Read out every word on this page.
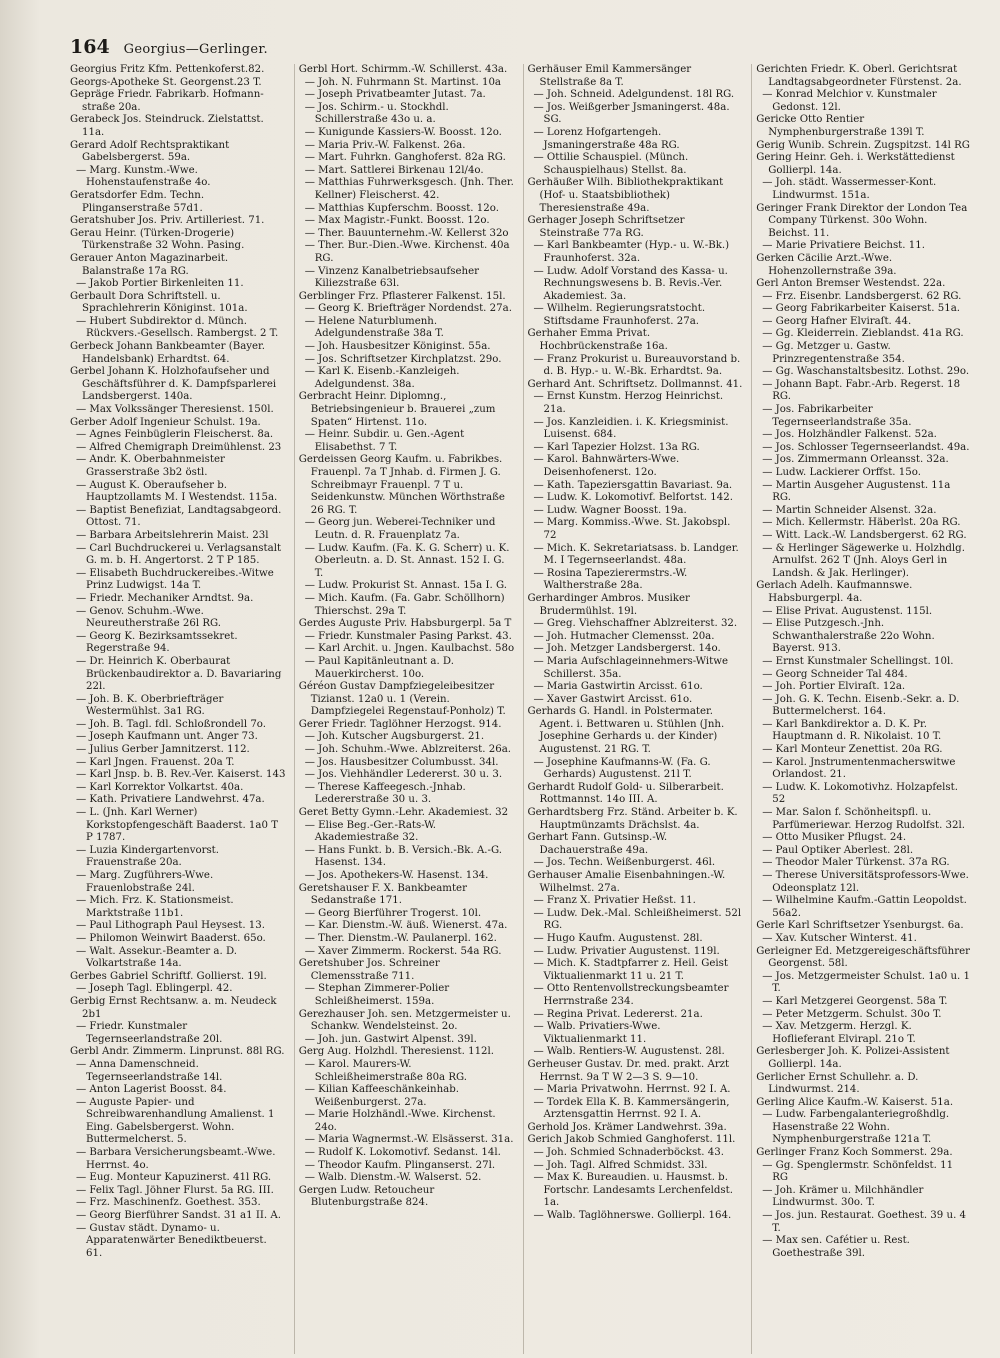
164 Georgius—Gerlinger.

Georgius Fritz Kfm. Pettenkoferst.82.

Georgs-Apotheke St. Georgenst.23 T.

Gepräge Friedr. Fabrikarb. Hofmann-straße 20a.

Gerabeck Jos. Steindruck. Zielstattst. 11a.

Gerard Adolf Rechtspraktikant Gabelsbergerst. 59a.

— Marg. Kunstm.-Wwe. Hohenstaufenstraße 4o.

Geratsdorfer Edm. Techn. Plinganserstraße 57d1.

Geratshuber Jos. Priv. Artilleriest. 71.

Gerau Heinr. (Türken-Drogerie) Türkenstraße 32 Wohn. Pasing.

Gerauer Anton Magazinarbeit. Balanstraße 17a RG.

— Jakob Portier Birkenleiten 11.

Gerbault Dora Schriftstell. u. Sprachlehrerin Königinst. 101a.

— Hubert Subdirektor d. Münch. Rückvers.-Gesellsch. Rambergst. 2 T.

Gerbeck Johann Bankbeamter (Bayer. Handelsbank) Erhardtst. 64.

Gerbel Johann K. Holzhofaufseher und Geschäftsführer d. K. Dampfsparlerei Landsbergerst. 140a.

— Max Volkssänger Theresienst. 150l.

Gerber Adolf Ingenieur Schulst. 19a.

— Agnes Feinbüglerin Fleischerst. 8a.

— Alfred Chemigraph Dreimühlenst. 23

— Andr. K. Oberbahnmeister Grasserstraße 3b2 östl.

— August K. Oberaufseher b. Hauptzollamts M. I Westendst. 115a.

— Baptist Benefiziat, Landtagsabgeord. Ottost. 71.

— Barbara Arbeitslehrerin Maist. 23l

— Carl Buchdruckerei u. Verlagsanstalt G. m. b. H. Angertorst. 2 T P 185.

— Elisabeth Buchdruckereibes.-Witwe Prinz Ludwigst. 14a T.

— Friedr. Mechaniker Arndtst. 9a.

— Genov. Schuhm.-Wwe. Neureutherstraße 26l RG.

— Georg K. Bezirksamtssekret. Regerstraße 94.

— Dr. Heinrich K. Oberbaurat Brückenbaudirektor a. D. Bavariaring 22l.

— Joh. B. K. Oberbriefträger Westermühlst. 3a1 RG.

— Joh. B. Tagl. fdl. Schloßrondell 7o.

— Joseph Kaufmann unt. Anger 73.

— Julius Gerber Jamnitzerst. 112.

— Karl Jngen. Frauenst. 20a T.

— Karl Jnsp. b. B. Rev.-Ver. Kaiserst. 143

— Karl Korrektor Volkartst. 40a.

— Kath. Privatiere Landwehrst. 47a.

— L. (Jnh. Karl Werner) Korkstopfengeschäft Baaderst. 1a0 T P 1787.

— Luzia Kindergartenvorst. Frauenstraße 20a.

— Marg. Zugführers-Wwe. Frauenlobstraße 24l.

— Mich. Frz. K. Stationsmeist. Marktstraße 11b1.

— Paul Lithograph Paul Heysest. 13.

— Philomon Weinwirt Baaderst. 65o.

— Walt. Assekur.-Beamter a. D. Volkartstraße 14a.

Gerbes Gabriel Schriftf. Gollierst. 19l.

— Joseph Tagl. Eblingerpl. 42.

Gerbig Ernst Rechtsanw. a. m. Neudeck 2b1

— Friedr. Kunstmaler Tegernseerlandstraße 20l.

Gerbl Andr. Zimmerm. Linprunst. 88l RG.

— Anna Damenschneid. Tegernseerlandstraße 14l.

— Anton Lagerist Boosst. 84.

— Auguste Papier- und Schreibwarenhandlung Amalienst. 1 Eing. Gabelsbergerst. Wohn. Buttermelcherst. 5.

— Barbara Versicherungsbeamt.-Wwe. Herrnst. 4o.

— Eug. Monteur Kapuzinerst. 41l RG.

— Felix Tagl. Jöhner Flurst. 5a RG. III.

— Frz. Maschinenfz. Goethest. 353.

— Georg Bierführer Sandst. 31 a1 II. A.

— Gustav städt. Dynamo- u. Apparatenwärter Benediktbeuerst. 61.

Gerbl Hort. Schirmm.-W. Schillerst. 43a.

— Joh. N. Fuhrmann St. Martinst. 10a

— Joseph Privatbeamter Jutast. 7a.

— Jos. Schirm.- u. Stockhdl. Schillerstraße 43o u. a.

— Kunigunde Kassiers-W. Boosst. 12o.

— Maria Priv.-W. Falkenst. 26a.

— Mart. Fuhrkn. Ganghoferst. 82a RG.

— Mart. Sattlerei Birkenau 12l/4o.

— Matthias Fuhrwerksgesch. (Jnh. Ther. Kellner) Fleischerst. 42.

— Matthias Kupferschm. Boosst. 12o.

— Max Magistr.-Funkt. Boosst. 12o.

— Ther. Bauunternehm.-W. Kellerst 32o

— Ther. Bur.-Dien.-Wwe. Kirchenst. 40a RG.

— Vinzenz Kanalbetriebsaufseher Kiliezstraße 63l.

Gerblinger Frz. Pflasterer Falkenst. 15l.

— Georg K. Briefträger Nordendst. 27a.

— Helene Naturblumenh. Adelgundenstraße 38a T.

— Joh. Hausbesitzer Königinst. 55a.

— Jos. Schriftsetzer Kirchplatzst. 29o.

— Karl K. Eisenb.-Kanzleigeh. Adelgundenst. 38a.

Gerbracht Heinr. Diplomng., Betriebsingenieur b. Brauerei „zum Spaten“ Hirtenst. 11o.

— Heinr. Subdir. u. Gen.-Agent Elisabethst. 7 T.

Gerdeissen Georg Kaufm. u. Fabrikbes. Frauenpl. 7a T Jnhab. d. Firmen J. G. Schreibmayr Frauenpl. 7 T u. Seidenkunstw. München Wörthstraße 26 RG. T.

— Georg jun. Weberei-Techniker und Leutn. d. R. Frauenplatz 7a.

— Ludw. Kaufm. (Fa. K. G. Scherr) u. K. Oberleutn. a. D. St. Annast. 152 I. G. T.

— Ludw. Prokurist St. Annast. 15a I. G.

— Mich. Kaufm. (Fa. Gabr. Schöllhorn) Thierschst. 29a T.

Gerdes Auguste Priv. Habsburgerpl. 5a T

— Friedr. Kunstmaler Pasing Parkst. 43.

— Karl Archit. u. Jngen. Kaulbachst. 58o

— Paul Kapitänleutnant a. D. Mauerkircherst. 10o.

Géréon Gustav Dampfziegeleibesitzer Tizianst. 12a0 u. 1 (Verein. Dampfziegelei Regenstauf-Ponholz) T.

Gerer Friedr. Taglöhner Herzogst. 914.

— Joh. Kutscher Augsburgerst. 21.

— Joh. Schuhm.-Wwe. Ablzreiterst. 26a.

— Jos. Hausbesitzer Columbusst. 34l.

— Jos. Viehhändler Ledererst. 30 u. 3.

— Therese Kaffeegesch.-Jnhab. Ledererstraße 30 u. 3.

Geret Betty Gymn.-Lehr. Akademiest. 32

— Elise Beg.-Ger.-Rats-W. Akademiestraße 32.

— Hans Funkt. b. B. Versich.-Bk. A.-G. Hasenst. 134.

— Jos. Apothekers-W. Hasenst. 134.

Geretshauser F. X. Bankbeamter Sedanstraße 171.

— Georg Bierführer Trogerst. 10l.

— Kar. Dienstm.-W. äuß. Wienerst. 47a.

— Ther. Dienstm.-W. Paulanerpl. 162.

— Xaver Zimmerm. Rockerst. 54a RG.

Geretshuber Jos. Schreiner Clemensstraße 711.

— Stephan Zimmerer-Polier Schleißheimerst. 159a.

Gerezhauser Joh. sen. Metzgermeister u. Schankw. Wendelsteinst. 2o.

— Joh. jun. Gastwirt Alpenst. 39l.

Gerg Aug. Holzhdl. Theresienst. 112l.

— Karol. Maurers-W. Schleißheimerstraße 80a RG.

— Kilian Kaffeeschänkeinhab. Weißenburgerst. 27a.

— Marie Holzhändl.-Wwe. Kirchenst. 24o.

— Maria Wagnermst.-W. Elsässerst. 31a.

— Rudolf K. Lokomotivf. Sedanst. 14l.

— Theodor Kaufm. Plinganserst. 27l.

— Walb. Dienstm.-W. Walserst. 52.

Gergen Ludw. Retoucheur Blutenburgstraße 824.

Gerhäuser Emil Kammersänger Stellstraße 8a T.

— Joh. Schneid. Adelgundenst. 18l RG.

— Jos. Weißgerber Jsmaningerst. 48a. SG.

— Lorenz Hofgartengeh. Jsmaningerstraße 48a RG.

— Ottilie Schauspiel. (Münch. Schauspielhaus) Stellst. 8a.

Gerhäußer Wilh. Bibliothekpraktikant (Hof- u. Staatsbibliothek) Theresienstraße 49a.

Gerhager Joseph Schriftsetzer Steinstraße 77a RG.

— Karl Bankbeamter (Hyp.- u. W.-Bk.) Fraunhoferst. 32a.

— Ludw. Adolf Vorstand des Kassa- u. Rechnungswesens b. B. Revis.-Ver. Akademiest. 3a.

— Wilhelm. Regierungsratstocht. Stiftsdame Fraunhoferst. 27a.

Gerhaher Emma Privat. Hochbrückenstraße 16a.

— Franz Prokurist u. Bureauvorstand b. d. B. Hyp.- u. W.-Bk. Erhardtst. 9a.

Gerhard Ant. Schriftsetz. Dollmannst. 41.

— Ernst Kunstm. Herzog Heinrichst. 21a.

— Jos. Kanzleidien. i. K. Kriegsminist. Luisenst. 684.

— Karl Tapezier Holzst. 13a RG.

— Karol. Bahnwärters-Wwe. Deisenhofenerst. 12o.

— Kath. Tapeziersgattin Bavariast. 9a.

— Ludw. K. Lokomotivf. Belfortst. 142.

— Ludw. Wagner Boosst. 19a.

— Marg. Kommiss.-Wwe. St. Jakobspl. 72

— Mich. K. Sekretariatsass. b. Landger. M. I Tegernseerlandst. 48a.

— Rosina Tapezierermstrs.-W. Waltherstraße 28a.

Gerhardinger Ambros. Musiker Brudermühlst. 19l.

— Greg. Viehschaffner Ablzreiterst. 32.

— Joh. Hutmacher Clemensst. 20a.

— Joh. Metzger Landsbergerst. 14o.

— Maria Aufschlageinnehmers-Witwe Schillerst. 35a.

— Maria Gastwirtin Arcisst. 61o.

— Xaver Gastwirt Arcisst. 61o.

Gerhards G. Handl. in Polstermater. Agent. i. Bettwaren u. Stühlen (Jnh. Josephine Gerhards u. der Kinder) Augustenst. 21 RG. T.

— Josephine Kaufmanns-W. (Fa. G. Gerhards) Augustenst. 21l T.

Gerhardt Rudolf Gold- u. Silberarbeit. Rottmannst. 14o III. A.

Gerhardtsberg Frz. Ständ. Arbeiter b. K. Hauptmünzamts Drächslst. 4a.

Gerhart Fann. Gutsinsp.-W. Dachauerstraße 49a.

— Jos. Techn. Weißenburgerst. 46l.

Gerhauser Amalie Eisenbahningen.-W. Wilhelmst. 27a.

— Franz X. Privatier Heßst. 11.

— Ludw. Dek.-Mal. Schleißheimerst. 52l RG.

— Hugo Kaufm. Augustenst. 28l.

— Ludw. Privatier Augustenst. 119l.

— Mich. K. Stadtpfarrer z. Heil. Geist Viktualienmarkt 11 u. 21 T.

— Otto Rentenvollstreckungsbeamter Herrnstraße 234.

— Regina Privat. Ledererst. 21a.

— Walb. Privatiers-Wwe. Viktualienmarkt 11.

— Walb. Rentiers-W. Augustenst. 28l.

Gerheuser Gustav. Dr. med. prakt. Arzt Herrnst. 9a T W 2—3 S. 9—10.

— Maria Privatwohn. Herrnst. 92 I. A.

— Tordek Ella K. B. Kammersängerin, Arztensgattin Herrnst. 92 I. A.

Gerhold Jos. Krämer Landwehrst. 39a.

Gerich Jakob Schmied Ganghoferst. 11l.

— Joh. Schmied Schnaderböckst. 43.

— Joh. Tagl. Alfred Schmidst. 33l.

— Max K. Bureaudien. u. Hausmst. b. Fortschr. Landesamts Lerchenfeldst. 1a.

— Walb. Taglöhnerswe. Gollierpl. 164.

Gerichten Friedr. K. Oberl. Gerichtsrat Landtagsabgeordneter Fürstenst. 2a.

— Konrad Melchior v. Kunstmaler Gedonst. 12l.

Gericke Otto Rentier Nymphenburgerstraße 139l T.

Gerig Wunib. Schrein. Zugspitzst. 14l RG

Gering Heinr. Geh. i. Werkstättedienst Gollierpl. 14a.

— Joh. städt. Wassermesser-Kont. Lindwurmst. 151a.

Geringer Frank Direktor der London Tea Company Türkenst. 30o Wohn. Beichst. 11.

— Marie Privatiere Beichst. 11.

Gerken Cäcilie Arzt.-Wwe. Hohenzollernstraße 39a.

Gerl Anton Bremser Westendst. 22a.

— Frz. Eisenbr. Landsbergerst. 62 RG.

— Georg Fabrikarbeiter Kaiserst. 51a.

— Georg Hafner Elviraſt. 44.

— Gg. Kleiderrein. Zieblandst. 41a RG.

— Gg. Metzger u. Gastw. Prinzregentenstraße 354.

— Gg. Waschanstaltsbesitz. Lothst. 29o.

— Johann Bapt. Fabr.-Arb. Regerst. 18 RG.

— Jos. Fabrikarbeiter Tegernseerlandstraße 35a.

— Jos. Holzhändler Falkenst. 52a.

— Jos. Schlosser Tegernseerlandst. 49a.

— Jos. Zimmermann Orleansst. 32a.

— Ludw. Lackierer Orffst. 15o.

— Martin Ausgeher Augustenst. 11a RG.

— Martin Schneider Alsenst. 32a.

— Mich. Kellermstr. Häberlst. 20a RG.

— Witt. Lack.-W. Landsbergerst. 62 RG.

— & Herlinger Sägewerke u. Holzhdlg. Arnulfst. 262 T (Jnh. Aloys Gerl in Landsh. & Jak. Herlinger).

Gerlach Adelh. Kaufmannswe. Habsburgerpl. 4a.

— Elise Privat. Augustenst. 115l.

— Elise Putzgesch.-Jnh. Schwanthalerstraße 22o Wohn. Bayerst. 913.

— Ernst Kunstmaler Schellingst. 10l.

— Georg Schneider Tal 484.

— Joh. Portier Elviraſt. 12a.

— Joh. G. K. Techn. Eisenb.-Sekr. a. D. Buttermelcherst. 164.

— Karl Bankdirektor a. D. K. Pr. Hauptmann d. R. Nikolaist. 10 T.

— Karl Monteur Zenettist. 20a RG.

— Karol. Jnstrumentenmacherswitwe Orlandost. 21.

— Ludw. K. Lokomotivhz. Holzapfelst. 52

— Mar. Salon f. Schönheitspfl. u. Parfümeriewar. Herzog Rudolfst. 32l.

— Otto Musiker Pflugst. 24.

— Paul Optiker Aberlest. 28l.

— Theodor Maler Türkenst. 37a RG.

— Therese Universitätsprofessors-Wwe. Odeonsplatz 12l.

— Wilhelmine Kaufm.-Gattin Leopoldst. 56a2.

Gerle Karl Schriftsetzer Ysenburgst. 6a.

— Xav. Kutscher Winterst. 41.

Gerleigner Ed. Metzgereigeschäftsführer Georgenst. 58l.

— Jos. Metzgermeister Schulst. 1a0 u. 1 T.

— Karl Metzgerei Georgenst. 58a T.

— Peter Metzgerm. Schulst. 30o T.

— Xav. Metzgerm. Herzgl. K. Hoflieferant Elvirapl. 21o T.

Gerlesberger Joh. K. Polizei-Assistent Gollierpl. 14a.

Gerlicher Ernst Schullehr. a. D. Lindwurmst. 214.

Gerling Alice Kaufm.-W. Kaiserst. 51a.

— Ludw. Farbengalanteriegroßhdlg. Hasenstraße 22 Wohn. Nymphenburgerstraße 121a T.

Gerlinger Franz Koch Sommerst. 29a.

— Gg. Spenglermstr. Schönfeldst. 11 RG

— Joh. Krämer u. Milchhändler Lindwurmst. 30o. T.

— Jos. jun. Restaurat. Goethest. 39 u. 4 T.

— Max sen. Cafétier u. Rest. Goethestraße 39l.
